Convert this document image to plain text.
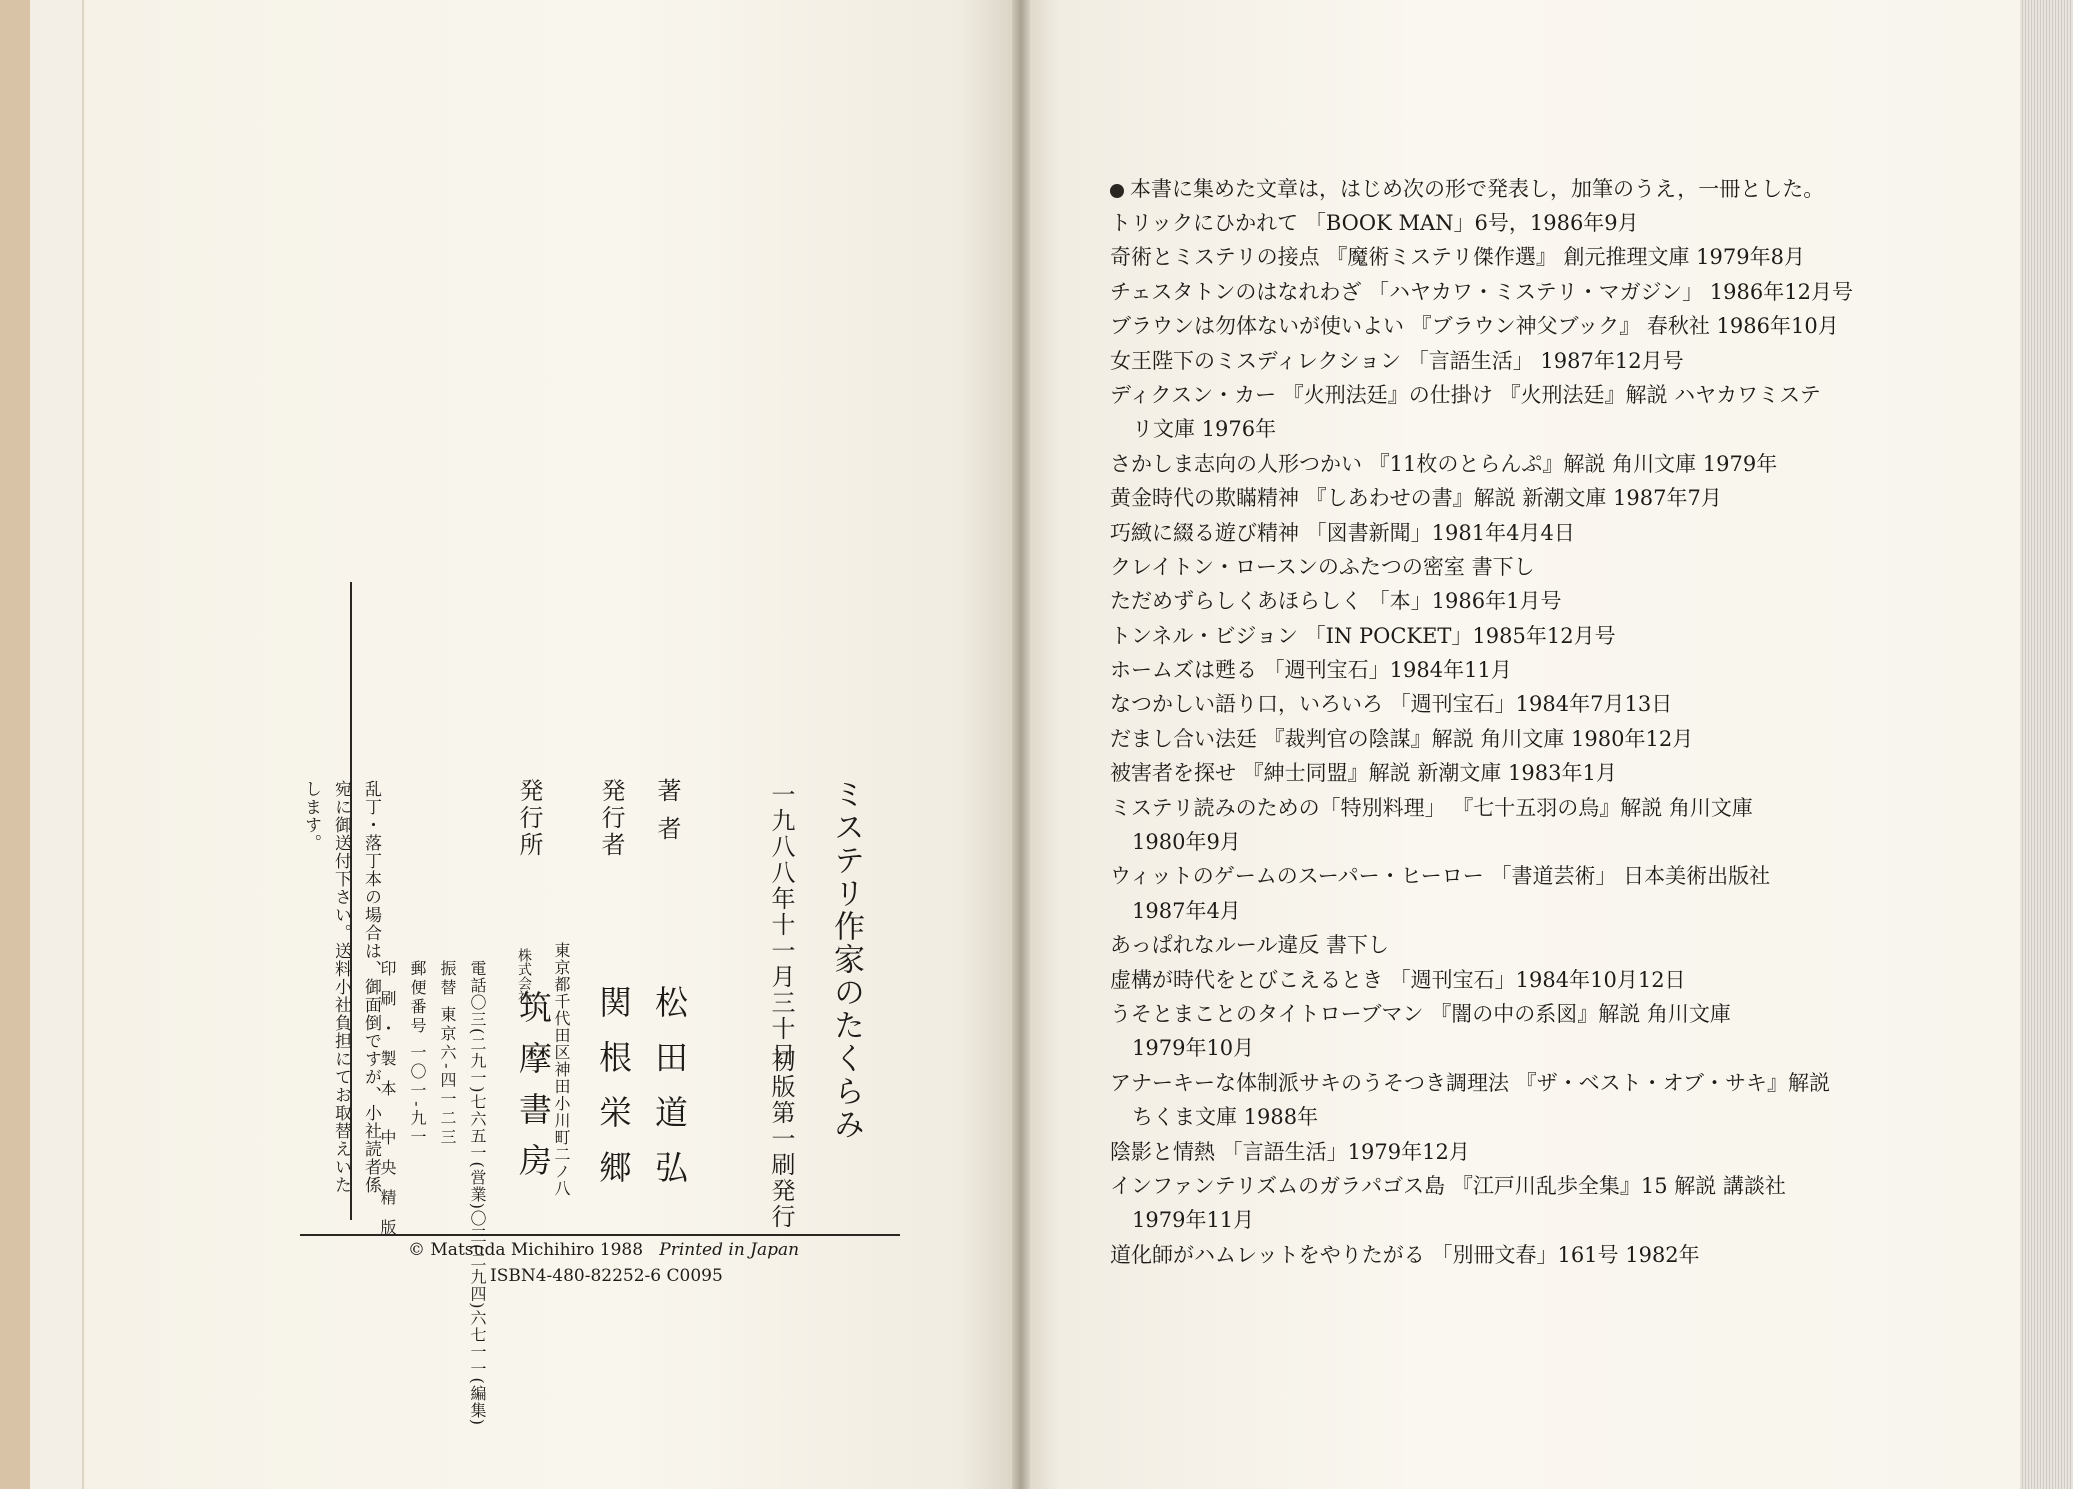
ミステリ作家のたくらみ
一九八八年十一月三十日
初版第一刷発行
著者
松田道弘
発行者
関根栄郷
発行所
東京都千代田区神田小川町二ノ八
株式会社
筑摩書房
電話〇三(二九一)七六五一(営業)〇三(二九四)六七一一(編集)
振替 東京六-四一二三
郵便番号 一〇一-九一
印刷・製本 中央精版
乱丁・落丁本の場合は、御面倒ですが、小社読者係宛に御送付下さい。送料小社負担にてお取替えいたします。
© Matsuda Michihiro 1988 Printed in Japan
ISBN4-480-82252-6 C0095
本書に集めた文章は，はじめ次の形で発表し，加筆のうえ，一冊とした。
トリックにひかれて 「BOOK MAN」6号，1986年9月
奇術とミステリの接点 『魔術ミステリ傑作選』 創元推理文庫 1979年8月
チェスタトンのはなれわざ 「ハヤカワ・ミステリ・マガジン」 1986年12月号
ブラウンは勿体ないが使いよい 『ブラウン神父ブック』 春秋社 1986年10月
女王陛下のミスディレクション 「言語生活」 1987年12月号
ディクスン・カー 『火刑法廷』の仕掛け 『火刑法廷』解説 ハヤカワミステ
リ文庫 1976年
さかしま志向の人形つかい 『11枚のとらんぷ』解説 角川文庫 1979年
黄金時代の欺瞞精神 『しあわせの書』解説 新潮文庫 1987年7月
巧緻に綴る遊び精神 「図書新聞」1981年4月4日
クレイトン・ロースンのふたつの密室 書下し
ただめずらしくあほらしく 「本」1986年1月号
トンネル・ビジョン 「IN POCKET」1985年12月号
ホームズは甦る 「週刊宝石」1984年11月
なつかしい語り口，いろいろ 「週刊宝石」1984年7月13日
だまし合い法廷 『裁判官の陰謀』解説 角川文庫 1980年12月
被害者を探せ 『紳士同盟』解説 新潮文庫 1983年1月
ミステリ読みのための「特別料理」 『七十五羽の烏』解説 角川文庫
1980年9月
ウィットのゲームのスーパー・ヒーロー 「書道芸術」 日本美術出版社
1987年4月
あっぱれなルール違反 書下し
虚構が時代をとびこえるとき 「週刊宝石」1984年10月12日
うそとまことのタイトローブマン 『闇の中の系図』解説 角川文庫
1979年10月
アナーキーな体制派サキのうそつき調理法 『ザ・ベスト・オブ・サキ』解説
ちくま文庫 1988年
陰影と情熱 「言語生活」1979年12月
インファンテリズムのガラパゴス島 『江戸川乱歩全集』15 解説 講談社
1979年11月
道化師がハムレットをやりたがる 「別冊文春」161号 1982年
